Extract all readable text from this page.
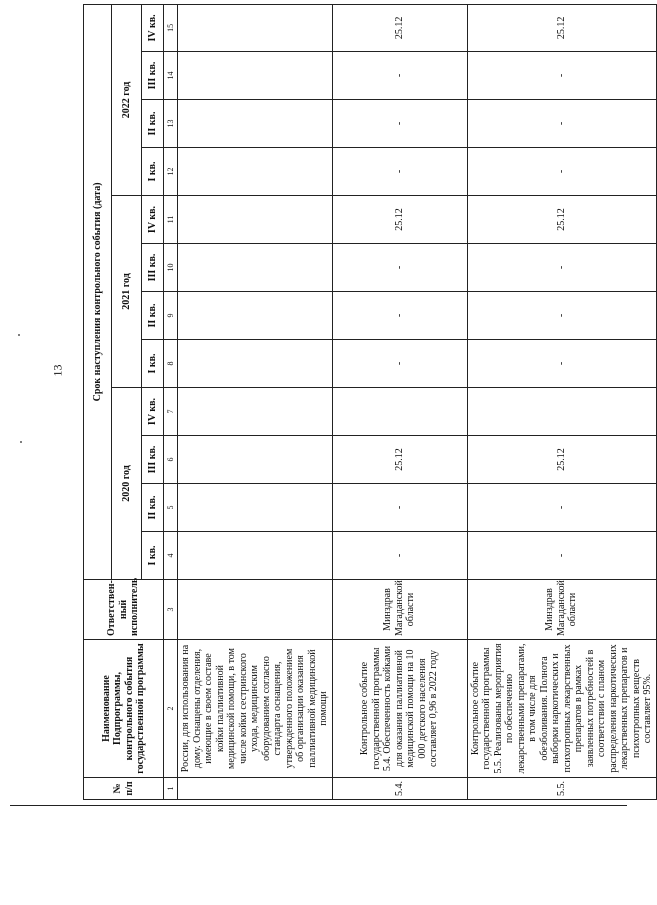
13
№ п/п	Наименование Подпрограммы, контрольного события государственной программы	Ответствен-ный исполнитель	Срок наступления контрольного события (дата)											
			2020 год				2021 год				2022 год			
			I кв.	II кв.	III кв.	IV кв.	I кв.	II кв.	III кв.	IV кв.	I кв.	II кв.	III кв.	IV кв.
1	2	3	4	5	6	7	8	9	10	11	12	13	14	15
	России, для использования на дому. Оснащены отделения, имеющие в своем составе койки паллиативной медицинской помощи, в том числе койки сестринского ухода, медицинским оборудованием согласно стандарта оснащения, утвержденного положением об организации оказания паллиативной медицинской помощи													
5.4.	Контрольное событие государственной программы 5.4. Обеспеченность койками для оказания паллиативной медицинской помощи на 10 000 детского населения составляет 0,96 в 2022 году	Минздрав Магаданской области	-	-	25.12		-	-	-	25.12	-	-	-	25.12
5.5.	Контрольное событие государственной программы 5.5. Реализованы мероприятия по обеспечению лекарственными препаратами, в том числе для обезболивания. Полнота выборки наркотических и психотропных лекарственных препаратов в рамках заявленных потребностей в соответствии с планом распределения наркотических лекарственных препаратов и психотропных веществ составляет 95%.	Минздрав Магаданской области	-	-	25.12		-	-	-	25.12	-	-	-	25.12
